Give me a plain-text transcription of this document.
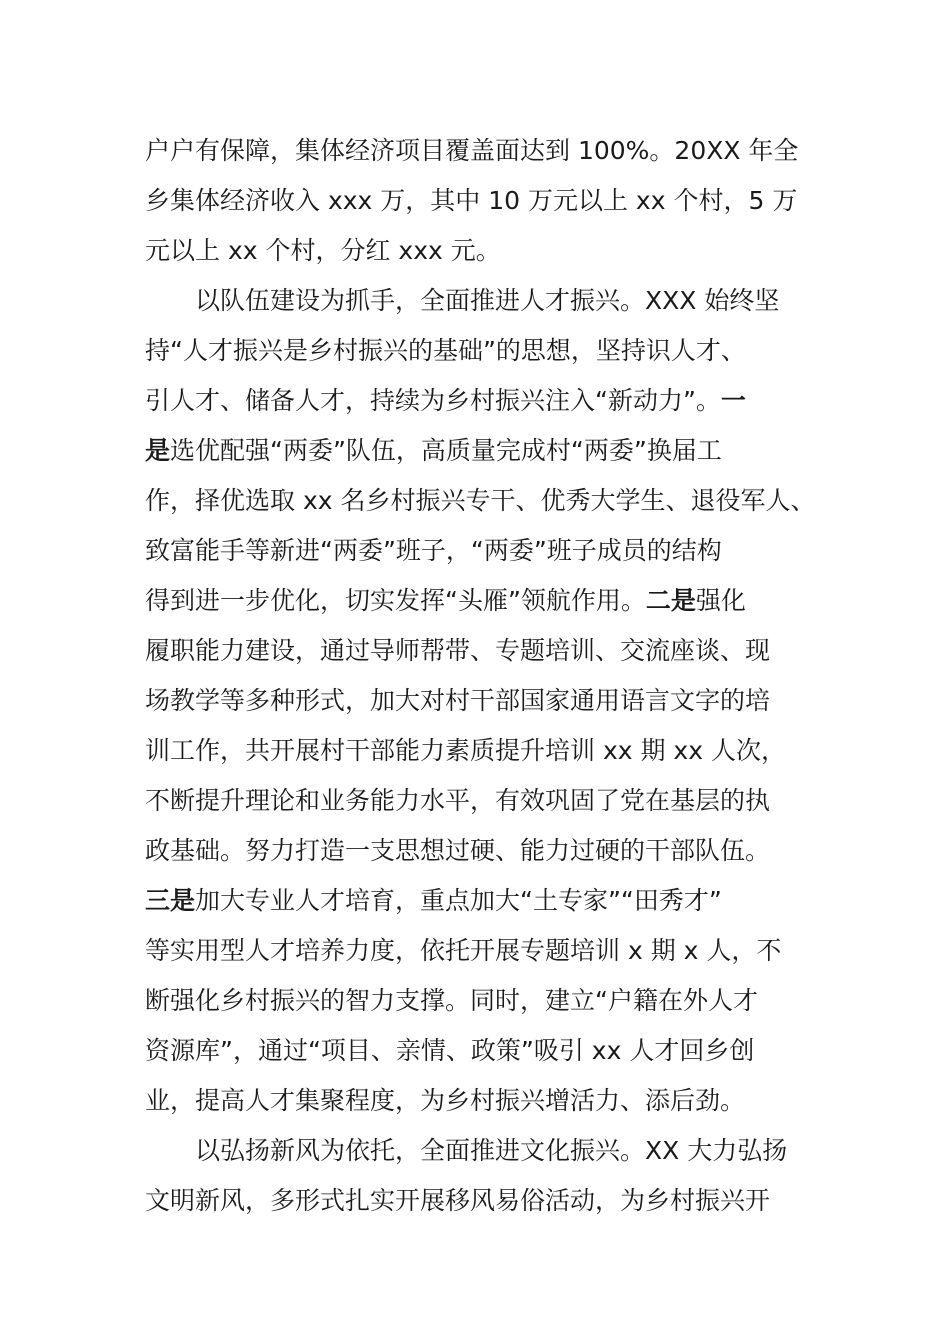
户户有保障，集体经济项目覆盖面达到 100%。20XX 年全
乡集体经济收入 xxx 万，其中 10 万元以上 xx 个村，5 万
元以上 xx 个村，分红 xxx 元。
以队伍建设为抓手，全面推进人才振兴。XXX 始终坚
持“人才振兴是乡村振兴的基础”的思想，坚持识人才、
引人才、储备人才，持续为乡村振兴注入“新动力”。一
是选优配强“两委”队伍，高质量完成村“两委”换届工
作，择优选取 xx 名乡村振兴专干、优秀大学生、退役军人、
致富能手等新进“两委”班子，“两委”班子成员的结构
得到进一步优化，切实发挥“头雁”领航作用。二是强化
履职能力建设，通过导师帮带、专题培训、交流座谈、现
场教学等多种形式，加大对村干部国家通用语言文字的培
训工作，共开展村干部能力素质提升培训 xx 期 xx 人次，
不断提升理论和业务能力水平，有效巩固了党在基层的执
政基础。努力打造一支思想过硬、能力过硬的干部队伍。
三是加大专业人才培育，重点加大“土专家”“田秀才”
等实用型人才培养力度，依托开展专题培训 x 期 x 人，不
断强化乡村振兴的智力支撑。同时，建立“户籍在外人才
资源库”，通过“项目、亲情、政策”吸引 xx 人才回乡创
业，提高人才集聚程度，为乡村振兴增活力、添后劲。
以弘扬新风为依托，全面推进文化振兴。XX 大力弘扬
文明新风，多形式扎实开展移风易俗活动，为乡村振兴开
